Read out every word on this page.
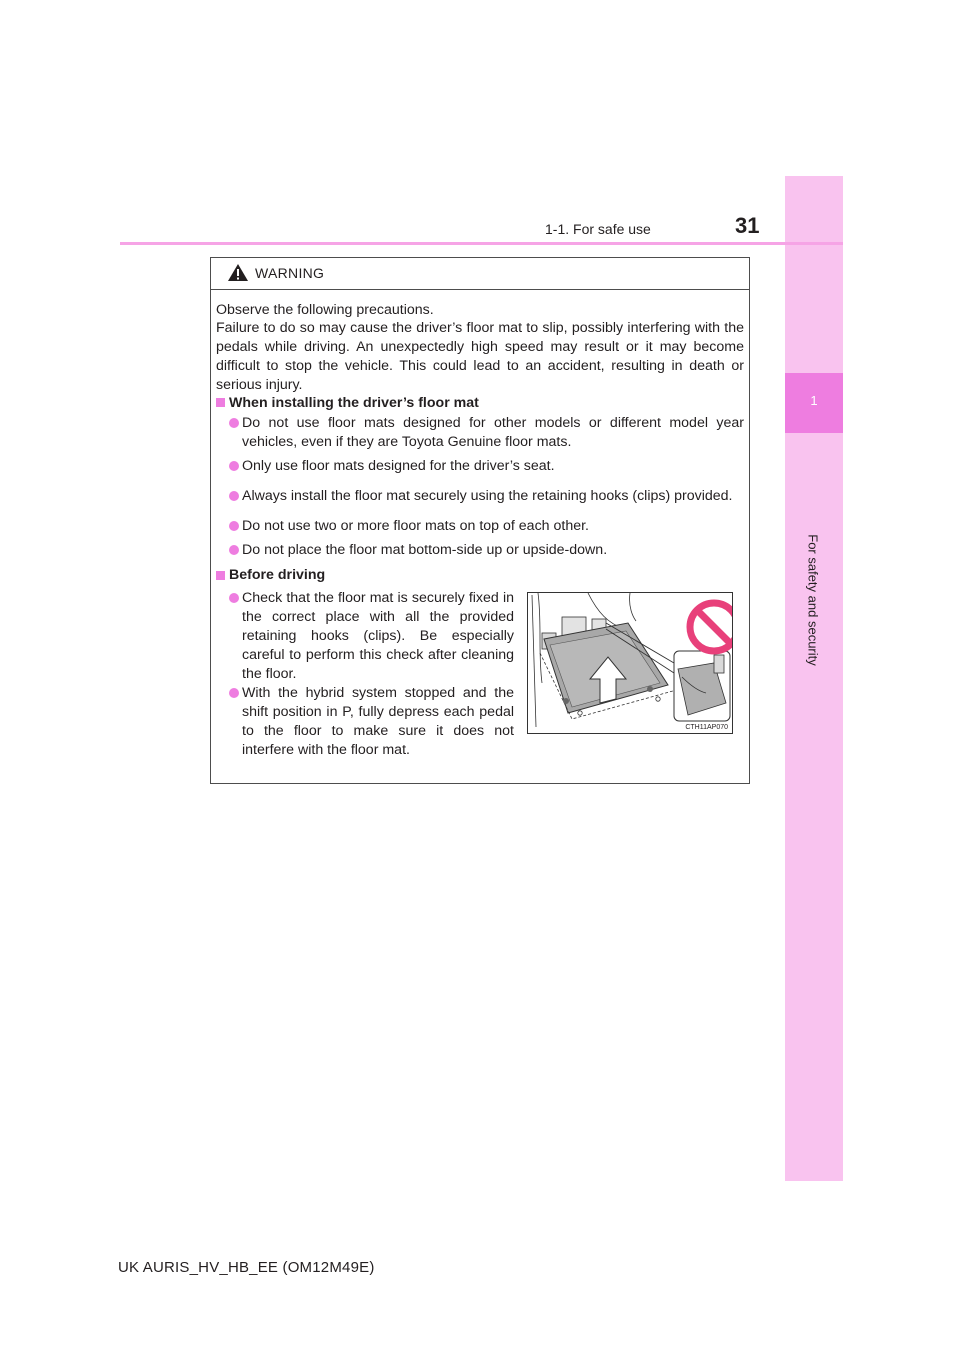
1
For safety and security
1-1. For safe use	31
WARNING
Observe the following precautions.
Failure to do so may cause the driver’s floor mat to slip, possibly interfering with the pedals while driving. An unexpectedly high speed may result or it may become difficult to stop the vehicle. This could lead to an accident, resulting in death or serious injury.
When installing the driver’s floor mat
Do not use floor mats designed for other models or different model year vehicles, even if they are Toyota Genuine floor mats.
Only use floor mats designed for the driver’s seat.
Always install the floor mat securely using the retaining hooks (clips) provided.
Do not use two or more floor mats on top of each other.
Do not place the floor mat bottom-side up or upside-down.
Before driving
Check that the floor mat is securely fixed in the correct place with all the provided retaining hooks (clips). Be especially careful to perform this check after cleaning the floor.
With the hybrid system stopped and the shift position in P, fully depress each pedal to the floor to make sure it does not interfere with the floor mat.
CTH11AP070
UK AURIS_HV_HB_EE (OM12M49E)
